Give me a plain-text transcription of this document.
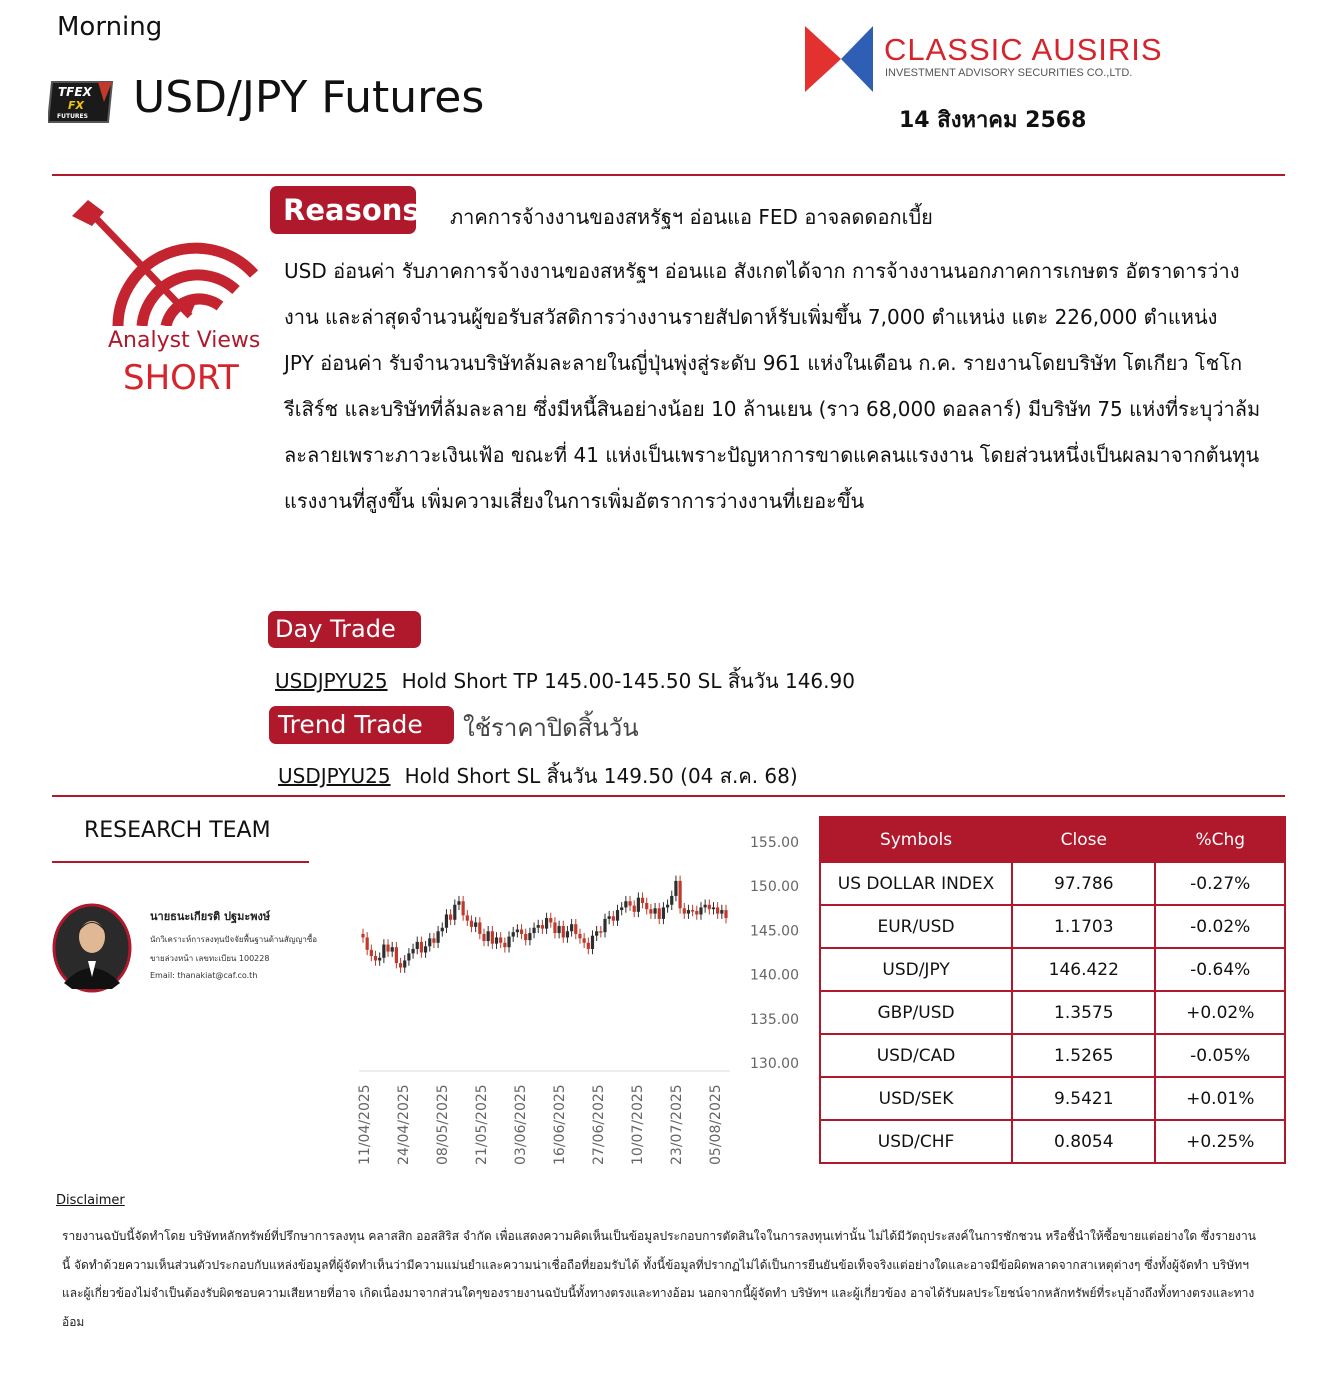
Morning
TFEX
FX
FUTURES USD/JPY Futures
CLASSIC AUSIRIS
INVESTMENT ADVISORY SECURITIES CO.,LTD.
14 สิงหาคม 2568
Analyst Views
SHORT
Reasons ภาคการจ้างงานของสหรัฐฯ อ่อนแอ FED อาจลดดอกเบี้ย

USD อ่อนค่า รับภาคการจ้างงานของสหรัฐฯ อ่อนแอ สังเกตได้จาก การจ้างงานนอกภาคการเกษตร อัตราดารว่างงาน และล่าสุดจำนวนผู้ขอรับสวัสดิการว่างงานรายสัปดาห์รับเพิ่มขึ้น 7,000 ตำแหน่ง แตะ 226,000 ตำแหน่ง

JPY อ่อนค่า รับจำนวนบริษัทล้มละลายในญี่ปุ่นพุ่งสู่ระดับ 961 แห่งในเดือน ก.ค. รายงานโดยบริษัท โตเกียว โชโก รีเสิร์ช และบริษัทที่ล้มละลาย ซึ่งมีหนี้สินอย่างน้อย 10 ล้านเยน (ราว 68,000 ดอลลาร์) มีบริษัท 75 แห่งที่ระบุว่าล้มละลายเพราะภาวะเงินเฟ้อ ขณะที่ 41 แห่งเป็นเพราะปัญหาการขาดแคลนแรงงาน โดยส่วนหนึ่งเป็นผลมาจากต้นทุนแรงงานที่สูงขึ้น เพิ่มความเสี่ยงในการเพิ่มอัตราการว่างงานที่เยอะขึ้น

Day Trade
USDJPYU25 Hold Short TP 145.00-145.50 SL สิ้นวัน 146.90
Trend Trade	ใช้ราคาปิดสิ้นวัน
USDJPYU25 Hold Short SL สิ้นวัน 149.50 (04 ส.ค. 68)
RESEARCH TEAM
นายธนะเกียรติ ปฐมะพงษ์
นักวิเคราะห์การลงทุนปัจจัยพื้นฐานด้านสัญญาซื้อ
ขายล่วงหน้า เลขทะเบียน 100228
Email: thanakiat@caf.co.th
155.00
150.00
145.00
140.00
135.00
130.00
11/04/2025 24/04/2025 08/05/2025 21/05/2025 03/06/2025 16/06/2025 27/06/2025 10/07/2025 23/07/2025 05/08/2025
Symbols	Close	%Chg
US DOLLAR INDEX	97.786	-0.27%
EUR/USD	1.1703	-0.02%
USD/JPY	146.422	-0.64%
GBP/USD	1.3575	+0.02%
USD/CAD	1.5265	-0.05%
USD/SEK	9.5421	+0.01%
USD/CHF	0.8054	+0.25%
Disclaimer
รายงานฉบับนี้จัดทำโดย บริษัทหลักทรัพย์ที่ปรึกษาการลงทุน คลาสสิก ออสสิริส จำกัด เพื่อแสดงความคิดเห็นเป็นข้อมูลประกอบการตัดสินใจในการลงทุนเท่านั้น ไม่ได้มีวัตถุประสงค์ในการชักชวน หรือชี้นำให้ซื้อขายแต่อย่างใด ซึ่งรายงานนี้ จัดทำด้วยความเห็นส่วนตัวประกอบกับแหล่งข้อมูลที่ผู้จัดทำเห็นว่ามีความแม่นยำและความน่าเชื่อถือที่ยอมรับได้ ทั้งนี้ข้อมูลที่ปรากฏไม่ได้เป็นการยืนยันข้อเท็จจริงแต่อย่างใดและอาจมีข้อผิดพลาดจากสาเหตุต่างๆ ซึ่งทั้งผู้จัดทำ บริษัทฯ และผู้เกี่ยวข้องไม่จำเป็นต้องรับผิดชอบความเสียหายที่อาจ เกิดเนื่องมาจากส่วนใดๆของรายงานฉบับนี้ทั้งทางตรงและทางอ้อม นอกจากนี้ผู้จัดทำ บริษัทฯ และผู้เกี่ยวข้อง อาจได้รับผลประโยชน์จากหลักทรัพย์ที่ระบุอ้างถึงทั้งทางตรงและทางอ้อม
